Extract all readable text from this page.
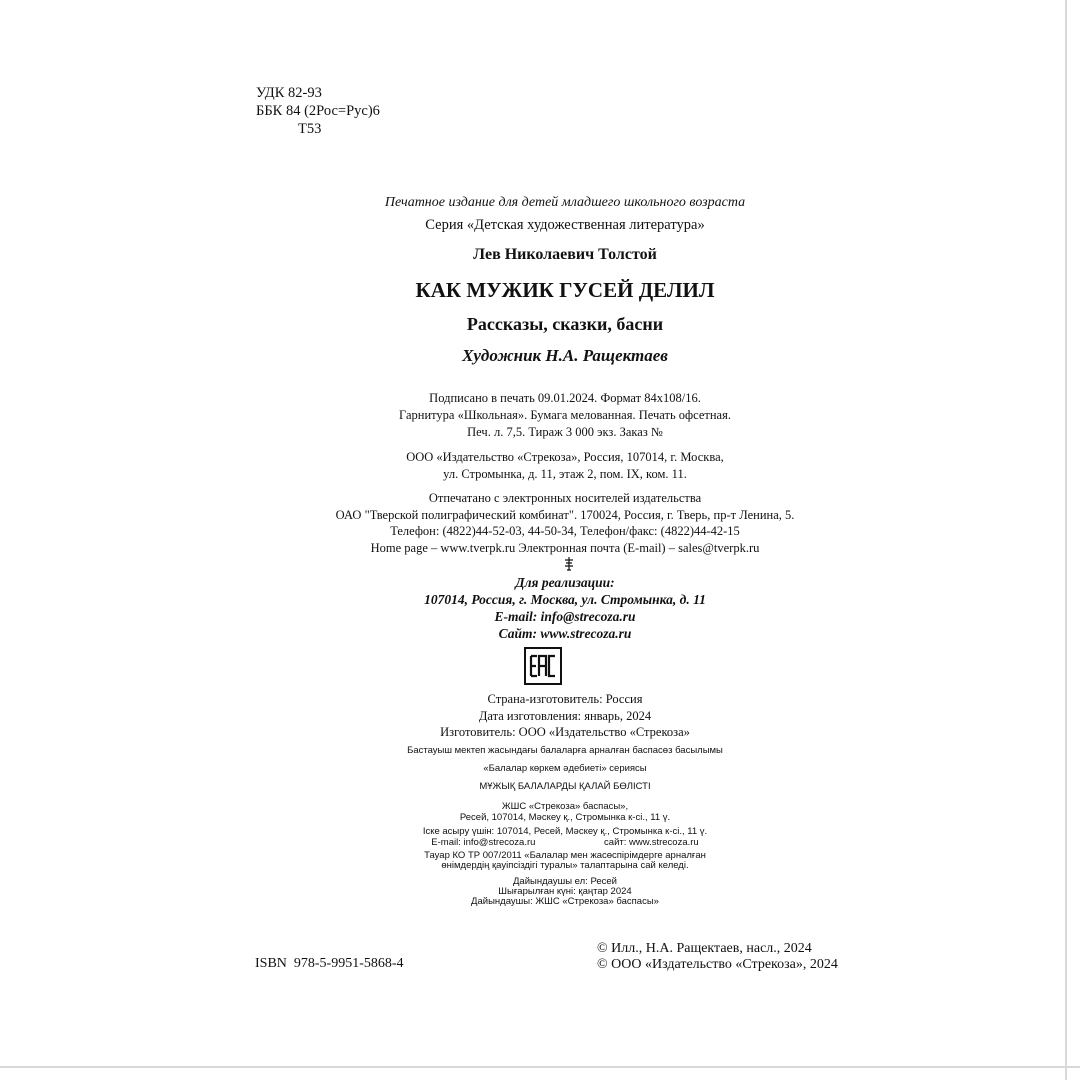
УДК 82-93
ББК 84 (2Рос=Рус)6
Т53
Печатное издание для детей младшего школьного возраста
Серия «Детская художественная литература»
Лев Николаевич Толстой
КАК МУЖИК ГУСЕЙ ДЕЛИЛ
Рассказы, сказки, басни
Художник Н.А. Ращектаев
Подписано в печать 09.01.2024. Формат 84x108/16.
Гарнитура «Школьная». Бумага мелованная. Печать офсетная.
Печ. л. 7,5. Тираж 3 000 экз. Заказ №
ООО «Издательство «Стрекоза», Россия, 107014, г. Москва,
ул. Стромынка, д. 11, этаж 2, пом. IX, ком. 11.
Отпечатано с электронных носителей издательства
ОАО "Тверской полиграфический комбинат". 170024, Россия, г. Тверь, пр-т Ленина, 5.
Телефон: (4822)44-52-03, 44-50-34, Телефон/факс: (4822)44-42-15
Home page – www.tverpk.ru Электронная почта (E-mail) – sales@tverpk.ru
Для реализации:
107014, Россия, г. Москва, ул. Стромынка, д. 11
E-mail: info@strecoza.ru
Сайт: www.strecoza.ru
Страна-изготовитель: Россия
Дата изготовления: январь, 2024
Изготовитель: ООО «Издательство «Стрекоза»
Бастауыш мектеп жасындағы балаларға арналған баспасөз басылымы
«Балалар көркем әдебиеті» сериясы
МҰЖЫҚ БАЛАЛАРДЫ ҚАЛАЙ БӨЛІСТІ
ЖШС «Стрекоза» баспасы»,
Ресей, 107014, Мәскеу қ., Стромынка к-сі., 11 ү.
Іске асыру үшін: 107014, Ресей, Мәскеу қ., Стромынка к-сі., 11 ү.
E-mail: info@strecoza.ru                          сайт: www.strecoza.ru
Тауар КО ТР 007/2011 «Балалар мен жасөспірімдерге арналған
өнімдердің қауіпсіздігі туралы» талаптарына сай келеді.
Дайындаушы ел: Ресей
Шығарылған күні: қаңтар 2024
Дайындаушы: ЖШС «Стрекоза» баспасы»
ISBN  978-5-9951-5868-4
© Илл., Н.А. Ращектаев, насл., 2024
© ООО «Издательство «Стрекоза», 2024
